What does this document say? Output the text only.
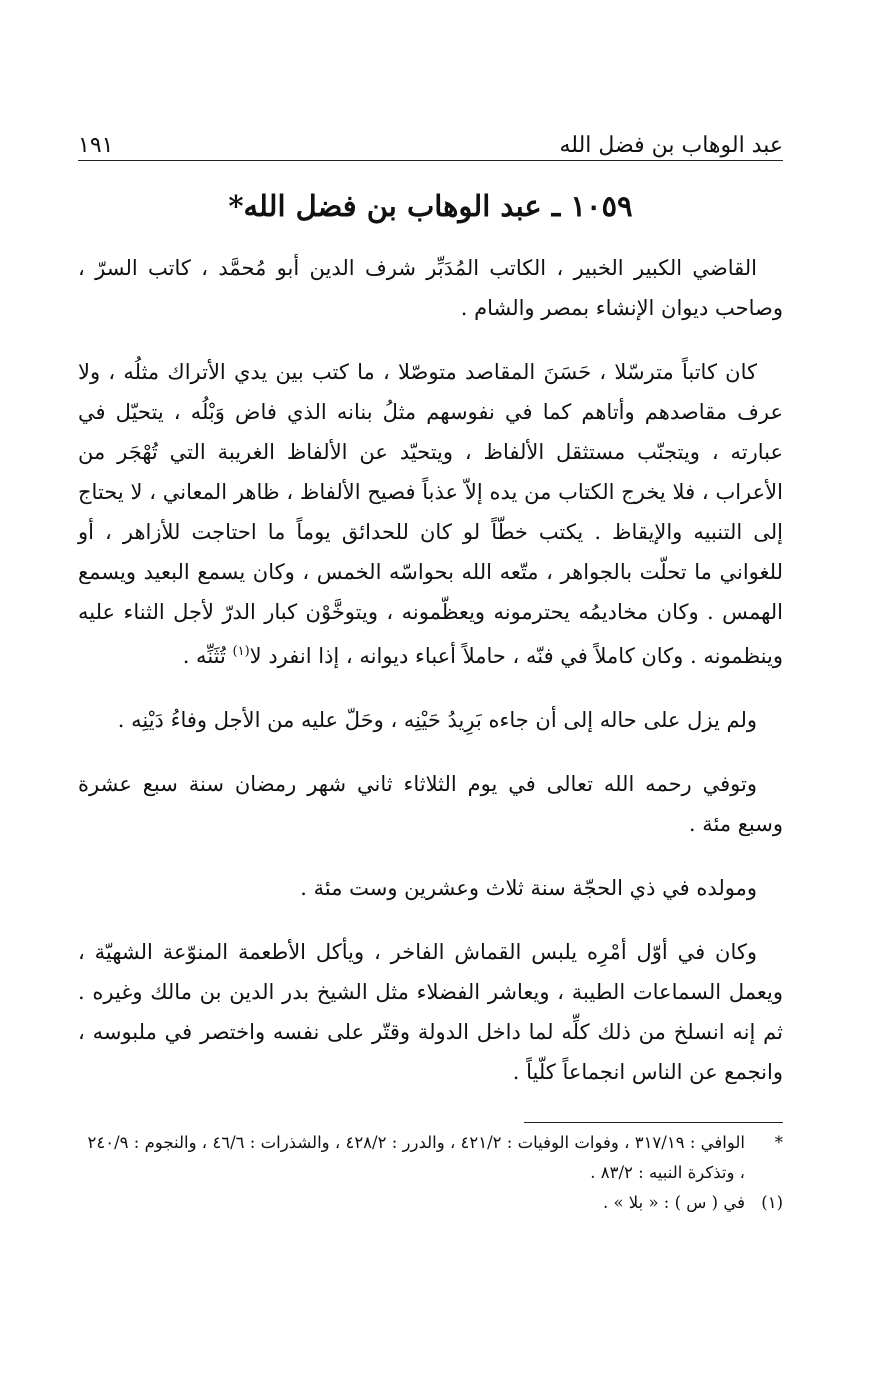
عبد الوهاب بن فضل الله
١٩١
١٠٥٩ ـ عبد الوهاب بن فضل الله*

القاضي الكبير الخبير ، الكاتب المُدَبِّر شرف الدين أبو مُحمَّد ، كاتب السرّ ، وصاحب ديوان الإنشاء بمصر والشام .

كان كاتباً مترسّلا ، حَسَنَ المقاصد متوصّلا ، ما كتب بين يدي الأتراك مثلُه ، ولا عرف مقاصدهم وأتاهم كما في نفوسهم مثلُ بنانه الذي فاض وَبْلُه ، يتحيّل في عبارته ، ويتجنّب مستثقل الألفاظ ، ويتحيّد عن الألفاظ الغريبة التي تُهْجَر من الأعراب ، فلا يخرج الكتاب من يده إلاّ عذباً فصيح الألفاظ ، ظاهر المعاني ، لا يحتاج إلى التنبيه والإيقاظ . يكتب خطّاً لو كان للحدائق يوماً ما احتاجت للأزاهر ، أو للغواني ما تحلّت بالجواهر ، متّعه الله بحواسّه الخمس ، وكان يسمع البعيد ويسمع الهمس . وكان مخاديمُه يحترمونه ويعظّمونه ، ويتوخَّوْن كبار الدرّ لأجل الثناء عليه وينظمونه . وكان كاملاً في فنّه ، حاملاً أعباء ديوانه ، إذا انفرد لا$^{(١)}$ تُثَنِّه .

ولم يزل على حاله إلى أن جاءه بَرِيدُ حَيْنِه ، وحَلّ عليه من الأجل وفاءُ دَيْنِه .

وتوفي رحمه الله تعالى في يوم الثلاثاء ثاني شهر رمضان سنة سبع عشرة وسبع مئة .

ومولده في ذي الحجّة سنة ثلاث وعشرين وست مئة .

وكان في أوّل أمْرِه يلبس القماش الفاخر ، ويأكل الأطعمة المنوّعة الشهيّة ، ويعمل السماعات الطيبة ، ويعاشر الفضلاء مثل الشيخ بدر الدين بن مالك وغيره . ثم إنه انسلخ من ذلك كلِّه لما داخل الدولة وقتّر على نفسه واختصر في ملبوسه ، وانجمع عن الناس انجماعاً كلّياً .

*
الوافي : ٣١٧/١٩ ، وفوات الوفيات : ٤٢١/٢ ، والدرر : ٤٢٨/٢ ، والشذرات : ٤٦/٦ ، والنجوم : ٢٤٠/٩ ، وتذكرة النبيه : ٨٣/٢ .
(١)
في ( س ) : « بلا » .
